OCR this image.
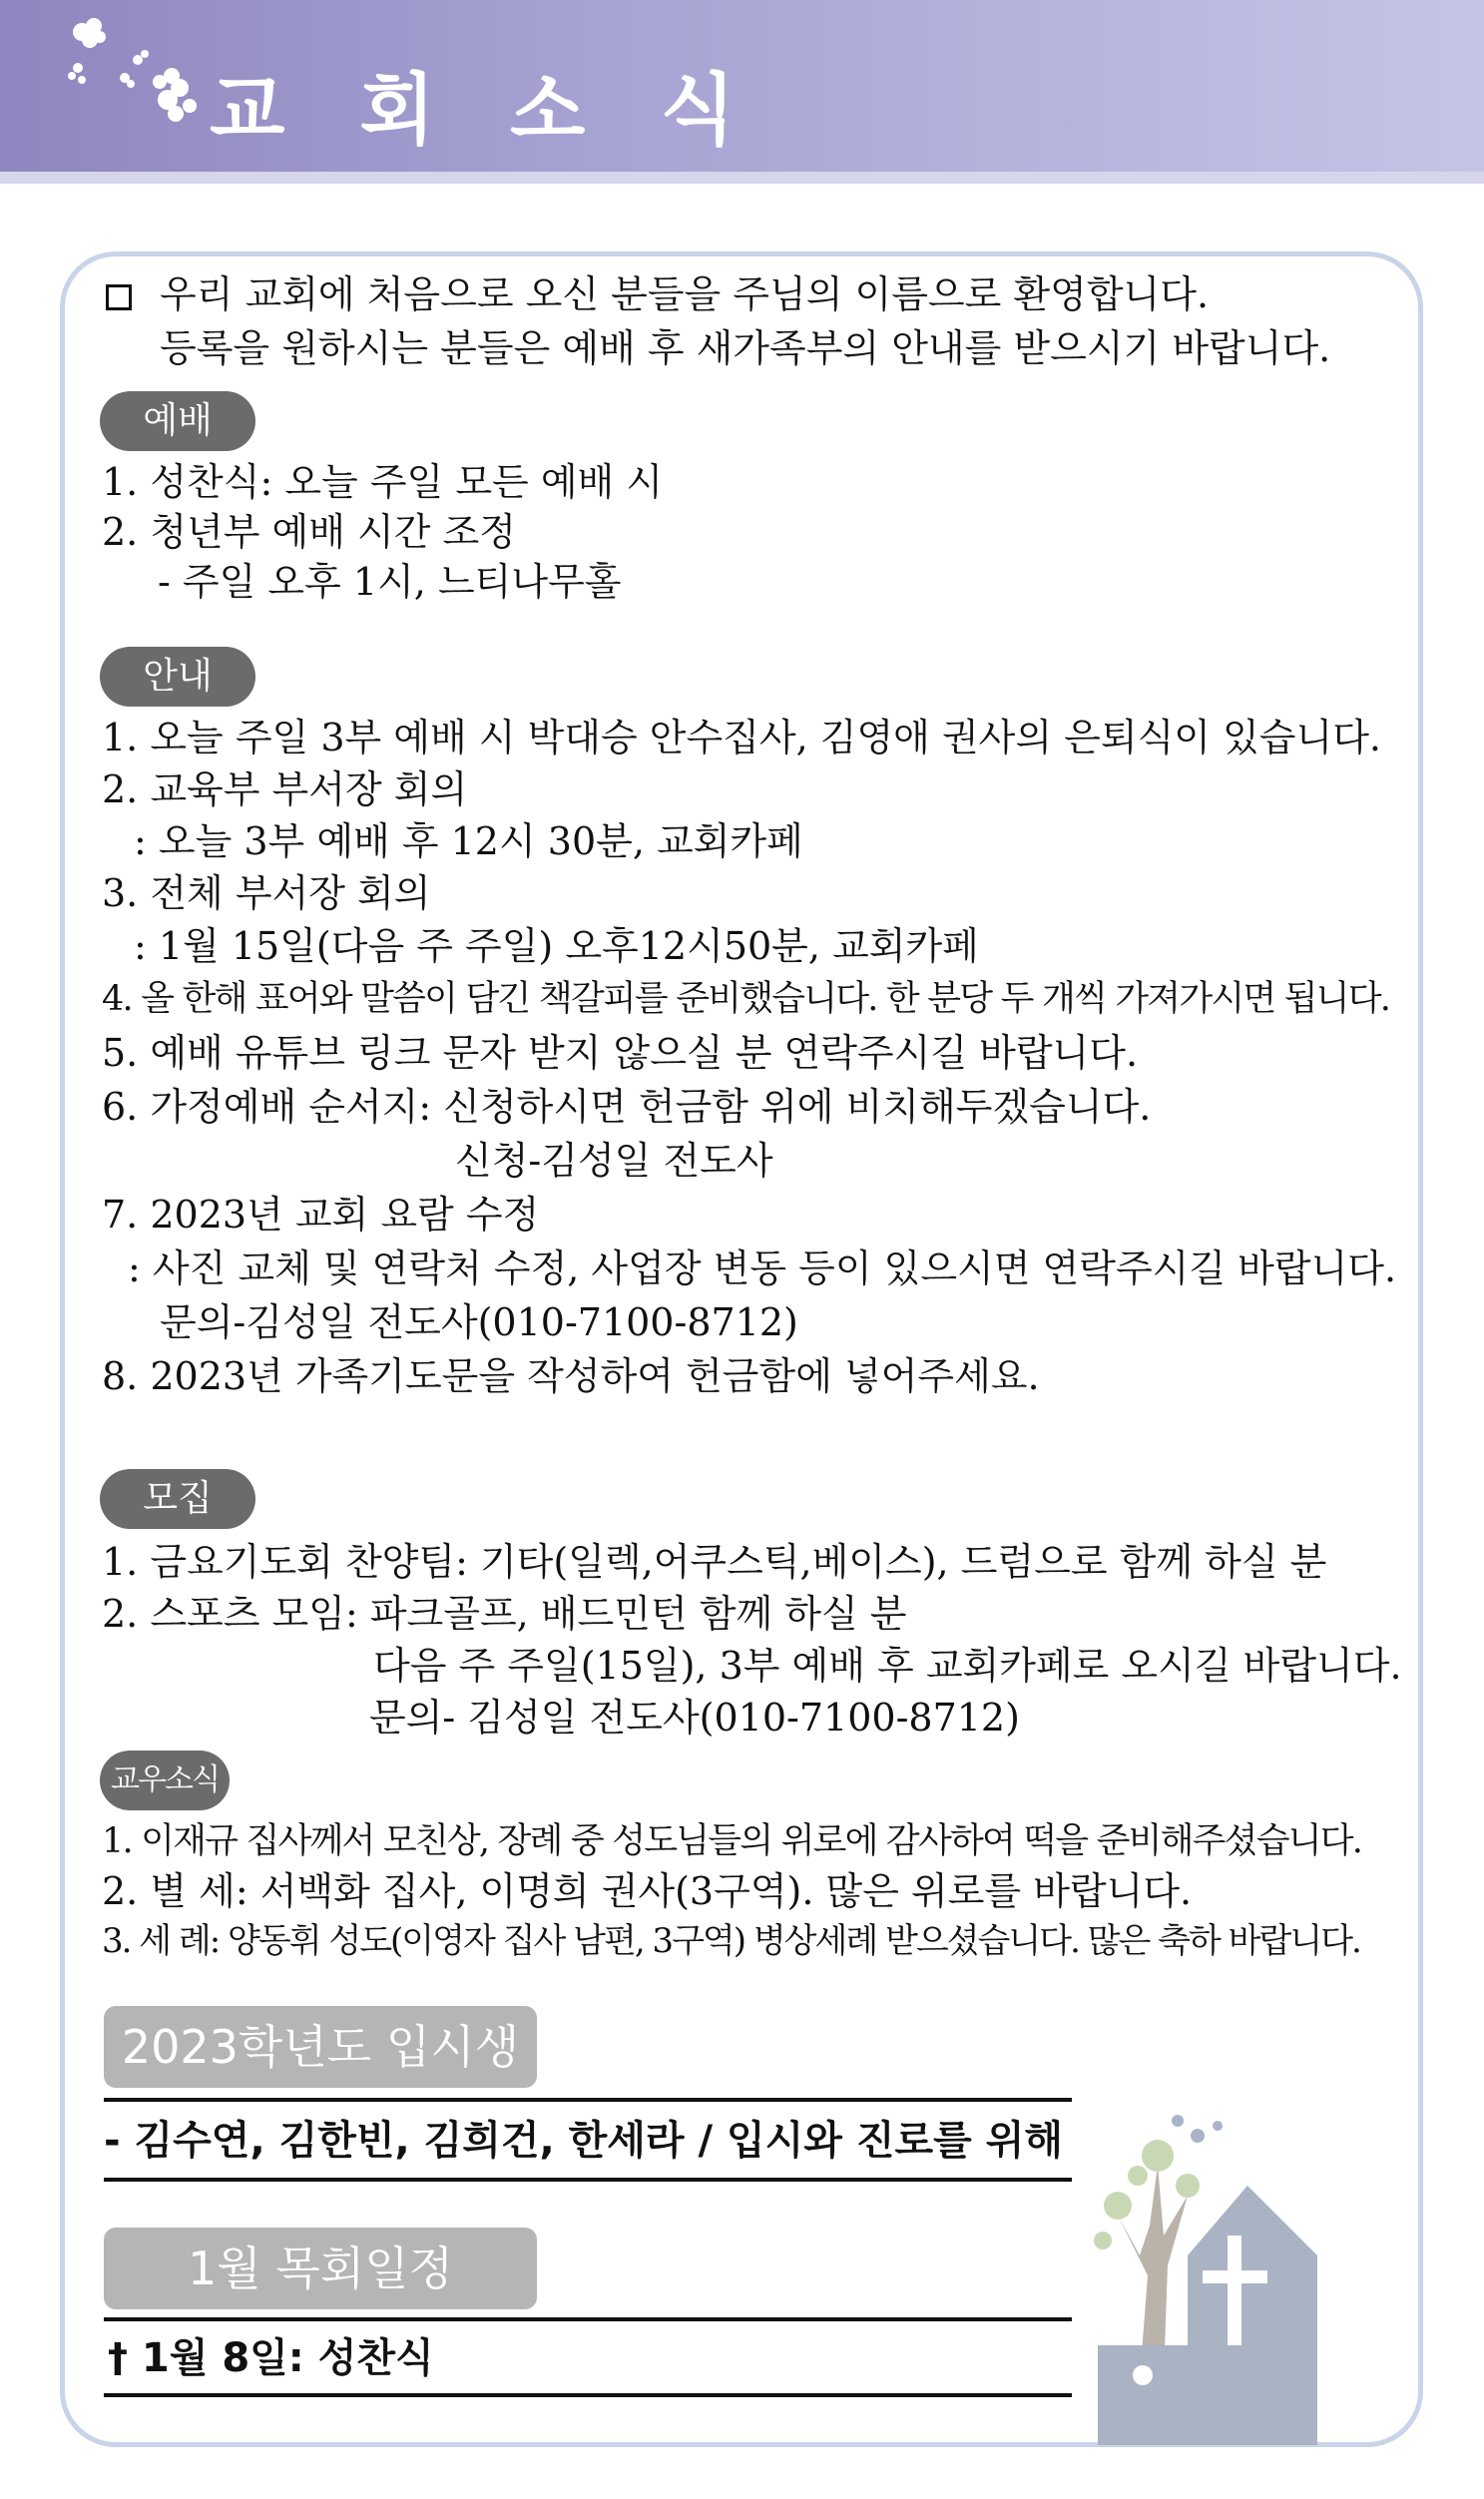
교 회 소 식
우리 교회에 처음으로 오신 분들을 주님의 이름으로 환영합니다.
등록을 원하시는 분들은 예배 후 새가족부의 안내를 받으시기 바랍니다.
예배
1. 성찬식: 오늘 주일 모든 예배 시
2. 청년부 예배 시간 조정
- 주일 오후 1시, 느티나무홀
안내
1. 오늘 주일 3부 예배 시 박대승 안수집사, 김영애 권사의 은퇴식이 있습니다.
2. 교육부 부서장 회의
: 오늘 3부 예배 후 12시 30분, 교회카페
3. 전체 부서장 회의
: 1월 15일(다음 주 주일) 오후12시50분, 교회카페
4. 올 한해 표어와 말씀이 담긴 책갈피를 준비했습니다. 한 분당 두 개씩 가져가시면 됩니다.
5. 예배 유튜브 링크 문자 받지 않으실 분 연락주시길 바랍니다.
6. 가정예배 순서지: 신청하시면 헌금함 위에 비치해두겠습니다.
신청-김성일 전도사
7. 2023년 교회 요람 수정
: 사진 교체 및 연락처 수정, 사업장 변동 등이 있으시면 연락주시길 바랍니다.
문의-김성일 전도사(010-7100-8712)
8. 2023년 가족기도문을 작성하여 헌금함에 넣어주세요.
모집
1. 금요기도회 찬양팀: 기타(일렉,어쿠스틱,베이스), 드럼으로 함께 하실 분
2. 스포츠 모임: 파크골프, 배드민턴 함께 하실 분
다음 주 주일(15일), 3부 예배 후 교회카페로 오시길 바랍니다.
문의- 김성일 전도사(010-7100-8712)
교우소식
1. 이재규 집사께서 모친상, 장례 중 성도님들의 위로에 감사하여 떡을 준비해주셨습니다.
2. 별 세: 서백화 집사, 이명희 권사(3구역). 많은 위로를 바랍니다.
3. 세 례: 양동휘 성도(이영자 집사 남편, 3구역) 병상세례 받으셨습니다. 많은 축하 바랍니다.
2023학년도 입시생
- 김수연, 김한빈, 김희건, 한세라 / 입시와 진로를 위해
1월 목회일정
† 1월 8일: 성찬식
